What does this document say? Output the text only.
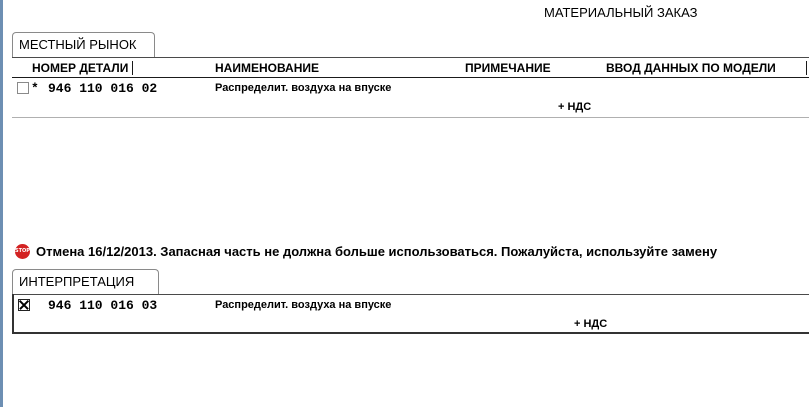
МАТЕРИАЛЬНЫЙ ЗАКАЗ
МЕСТНЫЙ РЫНОК
НОМЕР ДЕТАЛИ	НАИМЕНОВАНИЕ	ПРИМЕЧАНИЕ	ВВОД ДАННЫХ ПО МОДЕЛИ
* 946 110 016 02	Распределит. воздуха на впуске
+ НДС
STOP Отмена 16/12/2013. Запасная часть не должна больше использоваться. Пожалуйста, используйте замену
ИНТЕРПРЕТАЦИЯ
946 110 016 03	Распределит. воздуха на впуске
+ НДС
